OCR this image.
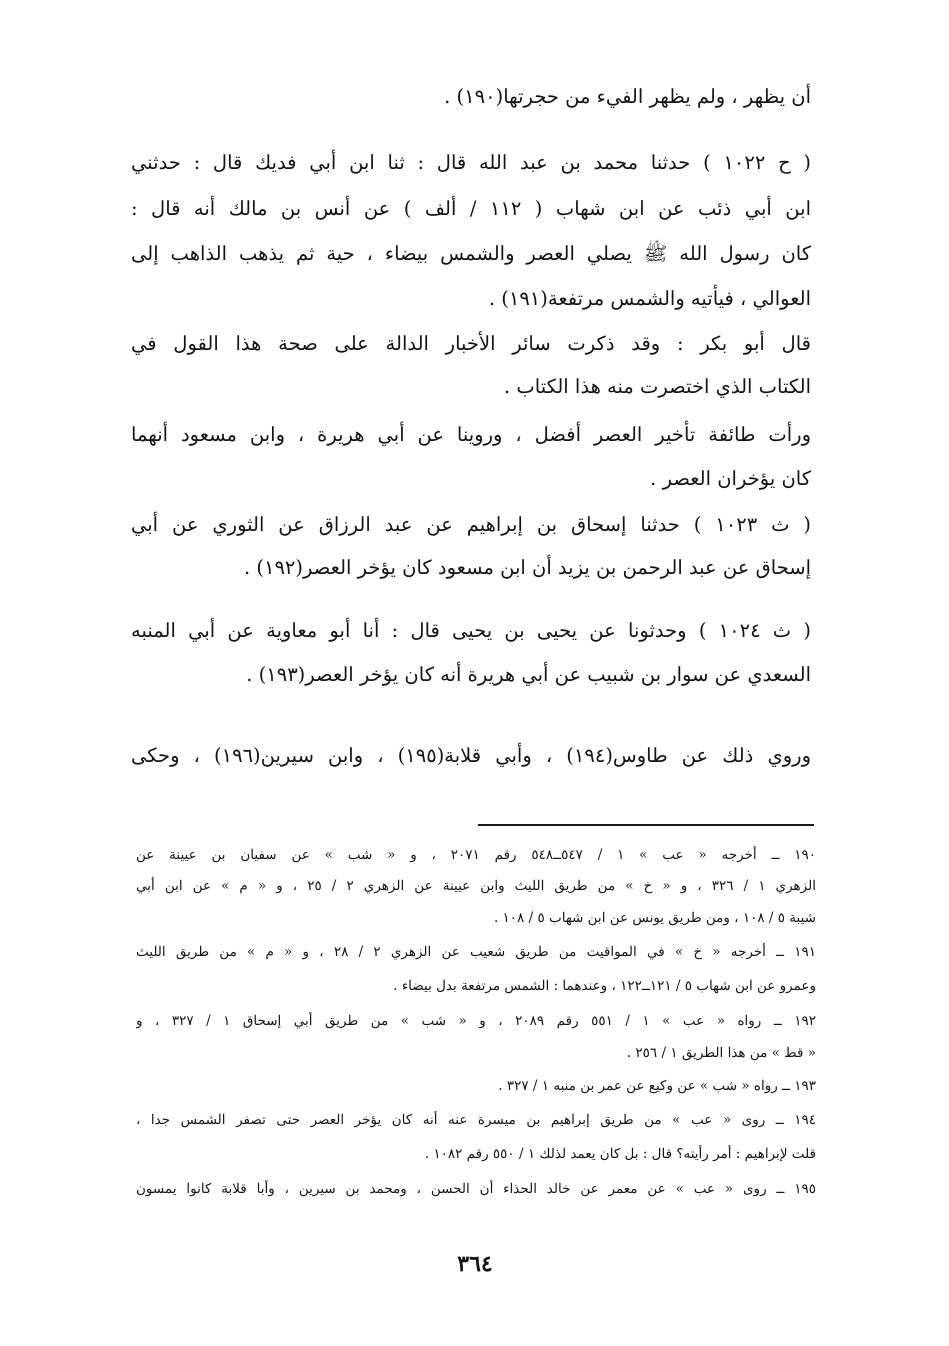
أن يظهر ، ولم يظهر الفيء من حجرتها(١٩٠) .
( ح ١٠٢٢ ) حدثنا محمد بن عبد الله قال : ثنا ابن أبي فديك قال : حدثني
ابن أبي ذئب عن ابن شهاب ( ١١٢ / ألف ) عن أنس بن مالك أنه قال :
كان رسول الله ﷺ يصلي العصر والشمس بيضاء ، حية ثم يذهب الذاهب إلى
العوالي ، فيأتيه والشمس مرتفعة(١٩١) .
قال أبو بكر : وقد ذكرت سائر الأخبار الدالة على صحة هذا القول في
الكتاب الذي اختصرت منه هذا الكتاب .
ورأت طائفة تأخير العصر أفضل ، وروينا عن أبي هريرة ، وابن مسعود أنهما
كان يؤخران العصر .
( ث ١٠٢٣ ) حدثنا إسحاق بن إبراهيم عن عبد الرزاق عن الثوري عن أبي
إسحاق عن عبد الرحمن بن يزيد أن ابن مسعود كان يؤخر العصر(١٩٢) .
( ث ١٠٢٤ ) وحدثونا عن يحيى بن يحيى قال : أنا أبو معاوية عن أبي المنبه
السعدي عن سوار بن شبيب عن أبي هريرة أنه كان يؤخر العصر(١٩٣) .
وروي ذلك عن طاوس(١٩٤) ، وأبي قلابة(١٩٥) ، وابن سيرين(١٩٦) ، وحكى
١٩٠ ــ أخرجه « عب » ١ / ٥٤٧ــ٥٤٨ رقم ٢٠٧١ ، و « شب » عن سفيان بن عيينة عن
الزهري ١ / ٣٢٦ ، و « خ » من طريق الليث وابن عيينة عن الزهري ٢ / ٢٥ ، و « م » عن ابن أبي
شيبة ٥ / ١٠٨ ، ومن طريق يونس عن ابن شهاب ٥ / ١٠٨ .
١٩١ ــ أخرجه « خ » في المواقيت من طريق شعيب عن الزهري ٢ / ٢٨ ، و « م » من طريق الليث
وعمرو عن ابن شهاب ٥ / ١٢١ــ١٢٢ ، وعندهما : الشمس مرتفعة بدل بيضاء .
١٩٢ ــ رواه « عب » ١ / ٥٥١ رقم ٢٠٨٩ ، و « شب » من طريق أبي إسحاق ١ / ٣٢٧ ، و
« قط » من هذا الطريق ١ / ٢٥٦ .
١٩٣ ــ رواه « شب » عن وكيع عن عمر بن منبه ١ / ٣٢٧ .
١٩٤ ــ روى « عب » من طريق إبراهيم بن ميسرة عنه أنه كان يؤخر العصر حتى تصفر الشمس جدا ،
قلت لإبراهيم : أمر رأيته؟ قال : بل كان يعمد لذلك ١ / ٥٥٠ رقم ١٠٨٢ .
١٩٥ ــ روى « عب » عن معمر عن خالد الحذاء أن الحسن ، ومحمد بن سيرين ، وأبا قلابة كانوا يمسون
٣٦٤
